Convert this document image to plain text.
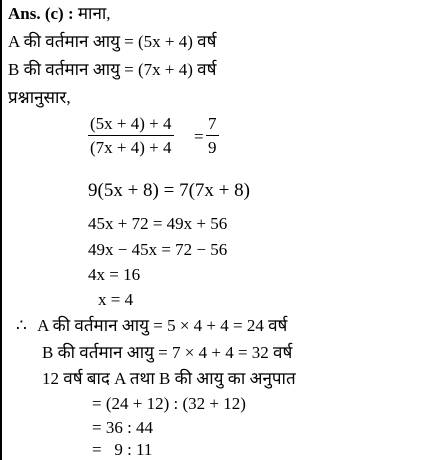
Ans. (c) : माना,
A की वर्तमान आयु = (5x + 4) वर्ष
B की वर्तमान आयु = (7x + 4) वर्ष
प्रश्नानुसार,
(5x + 4) + 4
(7x + 4) + 4
=
7
9
9(5x + 8) = 7(7x + 8)
45x + 72 = 49x + 56
49x − 45x = 72 − 56
4x = 16
x = 4
∴ A की वर्तमान आयु = 5 × 4 + 4 = 24 वर्ष
B की वर्तमान आयु = 7 × 4 + 4 = 32 वर्ष
12 वर्ष बाद A तथा B की आयु का अनुपात
= (24 + 12) : (32 + 12)
= 36 : 44
=   9 : 11
